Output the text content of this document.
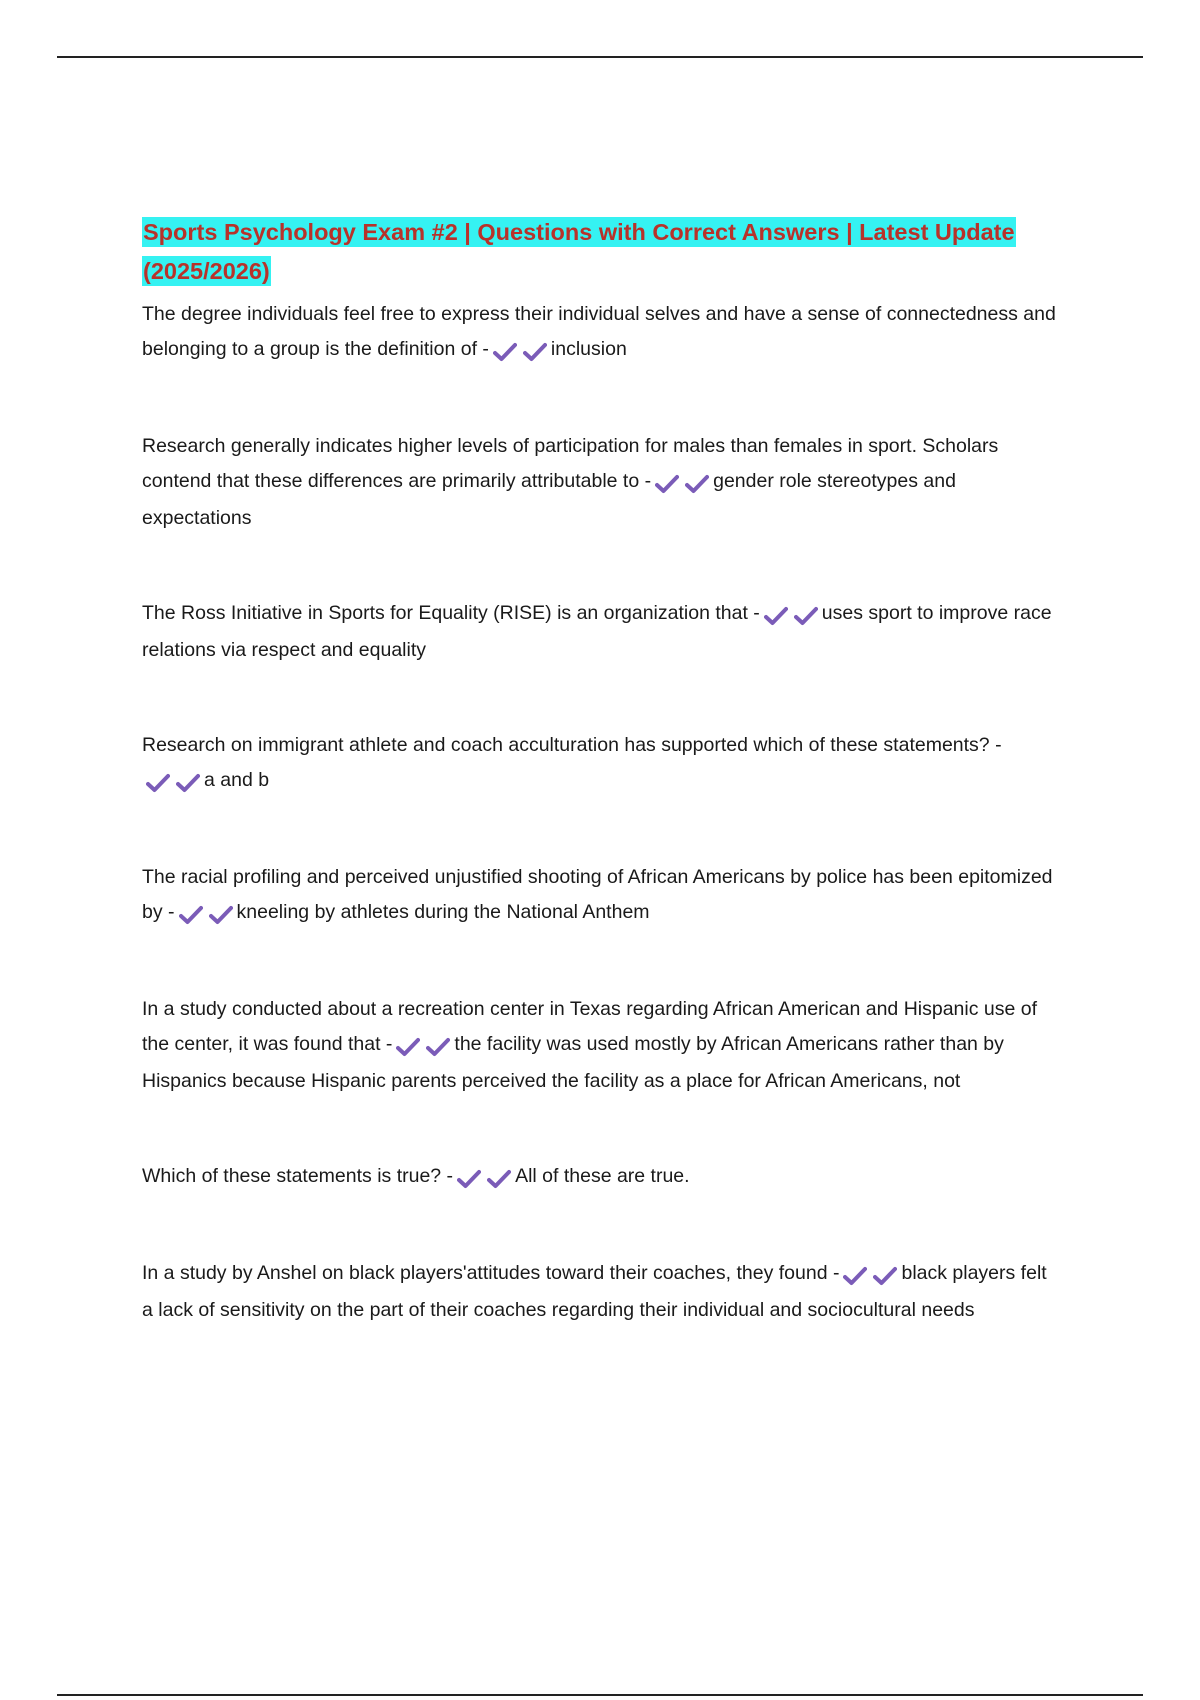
Sports Psychology Exam #2 | Questions with Correct Answers | Latest Update (2025/2026)

The degree individuals feel free to express their individual selves and have a sense of connectedness and belonging to a group is the definition of -	inclusion

Research generally indicates higher levels of participation for males than females in sport. Scholars contend that these differences are primarily attributable to -	gender role stereotypes and expectations

The Ross Initiative in Sports for Equality (RISE) is an organization that -	uses sport to improve race relations via respect and equality

Research on immigrant athlete and coach acculturation has supported which of these statements? -a and b

The racial profiling and perceived unjustified shooting of African Americans by police has been epitomized by -	kneeling by athletes during the National Anthem

In a study conducted about a recreation center in Texas regarding African American and Hispanic use of the center, it was found that -	the facility was used mostly by African Americans rather than by Hispanics because Hispanic parents perceived the facility as a place for African Americans, not

Which of these statements is true? -	All of these are true.

In a study by Anshel on black players'attitudes toward their coaches, they found -	black players felt a lack of sensitivity on the part of their coaches regarding their individual and sociocultural needs
